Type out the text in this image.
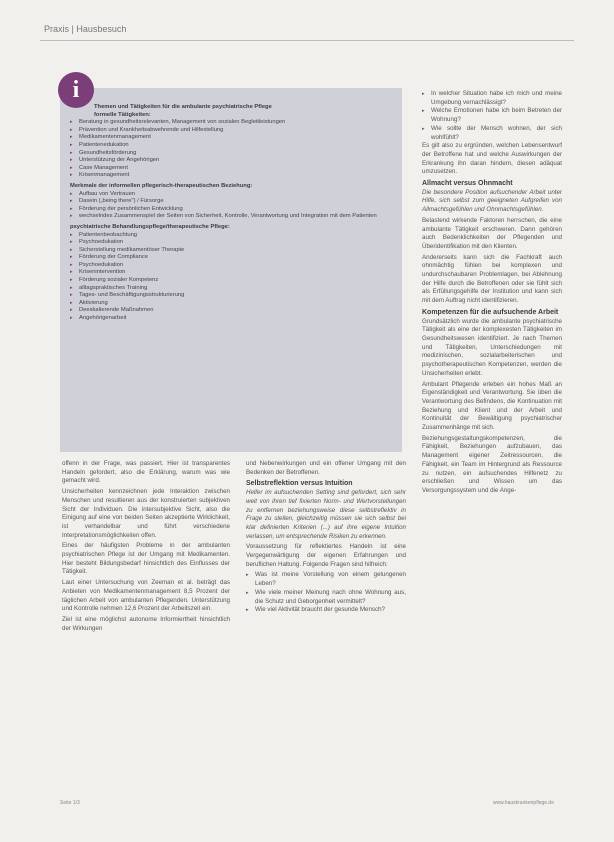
Praxis | Hausbesuch
i
Themen und Tätigkeiten für die ambulante psychiatrische Pflege
formelle Tätigkeiten:
▸ Beratung in gesundheitsrelevanten, Management von sozialen Begleitleistungen
▸ Prävention und Krankheitsabwehrende und Hilfestellung
▸ Medikamentenmanagement
▸ Patientenedukation
▸ Gesundheitsförderung
▸ Unterstützung der Angehörigen
▸ Case Management
▸ Krisenmanagement
Merkmale der informellen pflegerisch-therapeutischen Beziehung:
▸ Aufbau von Vertrauen
▸ Dasein („being there") / Fürsorge
▸ Förderung der persönlichen Entwicklung
▸ wechselndes Zusammenspiel der Seiten von Sicherheit, Kontrolle, Verantwortung und Integration mit dem Patienten
psychiatrische Behandlungspflege/therapeutische Pflege:
▸ Patientenbeobachtung
▸ Psychoedukation
▸ Sicherstellung medikamentöser Therapie
▸ Förderung der Compliance
▸ Psychoedukation
▸ Krisenintervention
▸ Förderung sozialer Kompetenz
▸ alltagspraktisches Training
▸ Tages- und Beschäftigungsstrukturierung
▸ Aktivierung
▸ Deeskalierende Maßnahmen
▸ Angehörigenarbeit

offenn in der Frage, was passiert. Hier ist transparentes Handeln gefordert, also die Erklärung, warum was wie gemacht wird.

Unsicherheiten kennzeichnen jede Interaktion zwischen Menschen und resultieren aus der konstruierten subjektiven Sicht der Individuen. Die intersubjektive Sicht, also die Einigung auf eine von beiden Seiten akzeptierte Wirklichkeit, ist verhandelbar und führt verschiedene Interpretationsmöglichkeiten offen.

Eines der häufigsten Probleme in der ambulanten psychiatrischen Pflege ist der Umgang mit Medikamenten. Hier besteht Bildungsbedarf hinsichtlich des Einflusses der Tätigkeit.

Laut einer Untersuchung von Zeeman et al. beträgt das Anbieten von Medikamentenmanagement 8,5 Prozent der täglichen Arbeit von ambulanten Pflegenden. Unterstützung und Kontrolle nehmen 12,6 Prozent der Arbeitszeit ein.

Ziel ist eine möglichst autonome Informiertheit hinsichtlich der Wirkungen

und Nebenwirkungen und ein offener Umgang mit den Bedenken der Betroffenen.

Selbstreflektion versus Intuition

Helfer im aufsuchenden Setting sind gefordert, sich sehr weit von ihren tief fixierten Norm- und Wertvorstellungen zu entfernen beziehungsweise diese selbstreflektiv in Frage zu stellen, gleichzeitig müssen sie sich selbst bei klar definierten Kriterien (...) auf ihre eigene Intuition verlassen, um entsprechende Risiken zu erkennen.

Voraussetzung für reflektiertes Handeln ist eine Vergegenwärtigung der eigenen Erfahrungen und beruflichen Haltung. Folgende Fragen sind hilfreich:

▸ Was ist meine Vorstellung von einem gelungenen Leben?
▸ Wie viele meiner Meinung nach ohne Wohnung aus, die Schutz und Geborgenheit vermittelt?
▸ Wie viel Aktivität braucht der gesunde Mensch?
▸ In welcher Situation habe ich mich und meine Umgebung vernachlässigt?
▸ Welche Emotionen habe ich beim Betreten der Wohnung?
▸ Wie sollte der Mensch wohnen, der sich wohlfühlt?

Es gilt also zu ergründen, welchen Lebensentwurf der Betroffene hat und welche Auswirkungen der Erkrankung ihn daran hindern, diesen adäquat umzusetzen.

Allmacht versus Ohnmacht

Die besondere Position aufsuchender Arbeit unter Hilfe, sich selbst zum geeigneten Aufgreifen von Allmachtsgefühlen und Ohnmachtsgefühlen.

Belastend wirkende Faktoren herrschen, die eine ambulante Tätigkeit erschweren. Dann gehören auch Bedenklichkeiten der Pflegenden und Überidentifikation mit den Klienten.

Andererseits kann sich die Fachkraft auch ohnmächtig fühlen bei komplexen und undurchschaubaren Problemlagen, bei Ablehnung der Hilfe durch die Betroffenen oder sie fühlt sich als Erfüllungsgehilfe der Institution und kann sich mit dem Auftrag nicht identifizieren.

Kompetenzen für die aufsuchende Arbeit

Grundsätzlich wurde die ambulante psychiatrische Tätigkeit als eine der komplexesten Tätigkeiten im Gesundheitswesen identifiziert. Je nach Themen und Tätigkeiten, Unterschiedungen mit medizinischen, sozialarbeiterischen und psychotherapeutischen Kompetenzen, werden die Unsicherheiten erlebt.

Ambulant Pflegende erleben ein hohes Maß an Eigenständigkeit und Verantwortung. Sie üben die Verantwortung des Befindens, die Kontinuation mit Beziehung und Klient und der Arbeit und Kontinuität der Bewältigung psychiatrischer Zusammenhänge mit sich.

Beziehungsgestaltungskompetenzen, die Fähigkeit, Beziehungen aufzubauen, das Management eigener Zeitressourcen, die Fähigkeit, ein Team im Hintergrund als Ressource zu nutzen, ein aufsuchendes Hilfenetz zu erschließen und Wissen um das Versorgungssystem und die Ange-

Seite 1/3	www.hauskrankenpflege.de
